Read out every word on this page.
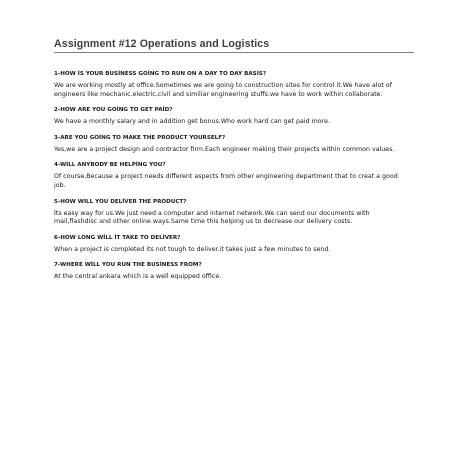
Assignment #12 Operations and Logistics

1-HOW İS YOUR BUSİNESS GOİNG TO RUN ON A DAY TO DAY BASİS?

We are working mostly at office.Sometimes we are going to construction sites for control it.We have alot of engineers like mechanic,electric,civil and similiar engineering stuffs.we have to work within collaborate.

2-HOW ARE YOU GOİNG TO GET PAİD?

We have a monthly salary and in addition get bonus.Who work hard can get paid more.

3-ARE YOU GOİNG TO MAKE THE PRODUCT YOURSELF?

Yes,we are a project design and contractor firm.Each engineer making their projects within common values.

4-WİLL ANYBODY BE HELPİNG YOU?

Of course,Because a project needs different aspects from other engineering department that to creat a good job.

5-HOW WİLL YOU DELİVER THE PRODUCT?

İts easy way for us.We just need a computer and internet network.We can send our documents with mail,flashdisc and other online ways.Same time this helping us to decrease our delivery costs.

6-HOW LONG WİLL İT TAKE TO DELİVER?

When a project is completed its not tough to deliver.it takes just a few minutes to send.

7-WHERE WİLL YOU RUN THE BUSİNESS FROM?

At the central ankara which is a well equipped office.
